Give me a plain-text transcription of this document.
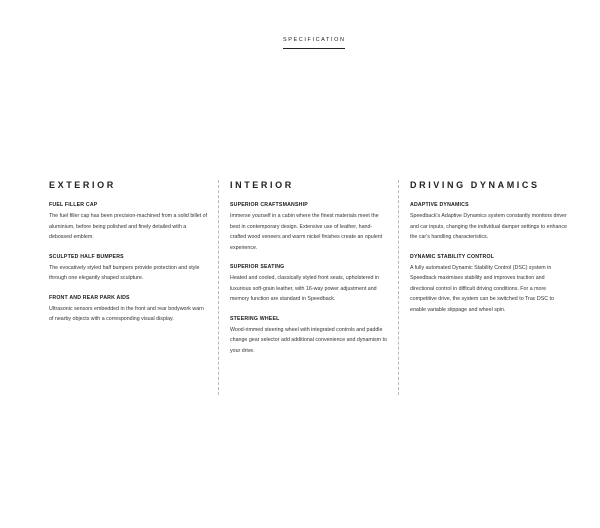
SPECIFICATION
EXTERIOR
FUEL FILLER CAP

The fuel filler cap has been precision-machined from a solid billet of aluminium, before being polished and finely detailed with a debossed emblem.

SCULPTED HALF BUMPERS

The evocatively styled half bumpers provide protection and style through one elegantly shaped sculpture.

FRONT AND REAR PARK AIDS

Ultrasonic sensors embedded in the front and rear bodywork warn of nearby objects with a corresponding visual display.

INTERIOR
SUPERIOR CRAFTSMANSHIP

Immerse yourself in a cabin where the finest materials meet the best in contemporary design. Extensive use of leather, hand-crafted wood veneers and warm nickel finishes create an opulent experience.

SUPERIOR SEATING

Heated and cooled, classically styled front seats, upholstered in luxurious soft-grain leather, with 16-way power adjustment and memory function are standard in Speedback.

STEERING WHEEL

Wood-rimmed steering wheel with integrated controls and paddle change gear selector add additional convenience and dynamism to your drive.

DRIVING DYNAMICS
ADAPTIVE DYNAMICS

Speedback's Adaptive Dynamics system constantly monitors driver and car inputs, changing the individual damper settings to enhance the car's handling characteristics.

DYNAMIC STABILITY CONTROL

A fully automated Dynamic Stability Control (DSC) system in Speedback maximises stability and improves traction and directional control in difficult driving conditions. For a more competitive drive, the system can be switched to Trac DSC to enable variable slippage and wheel spin.
